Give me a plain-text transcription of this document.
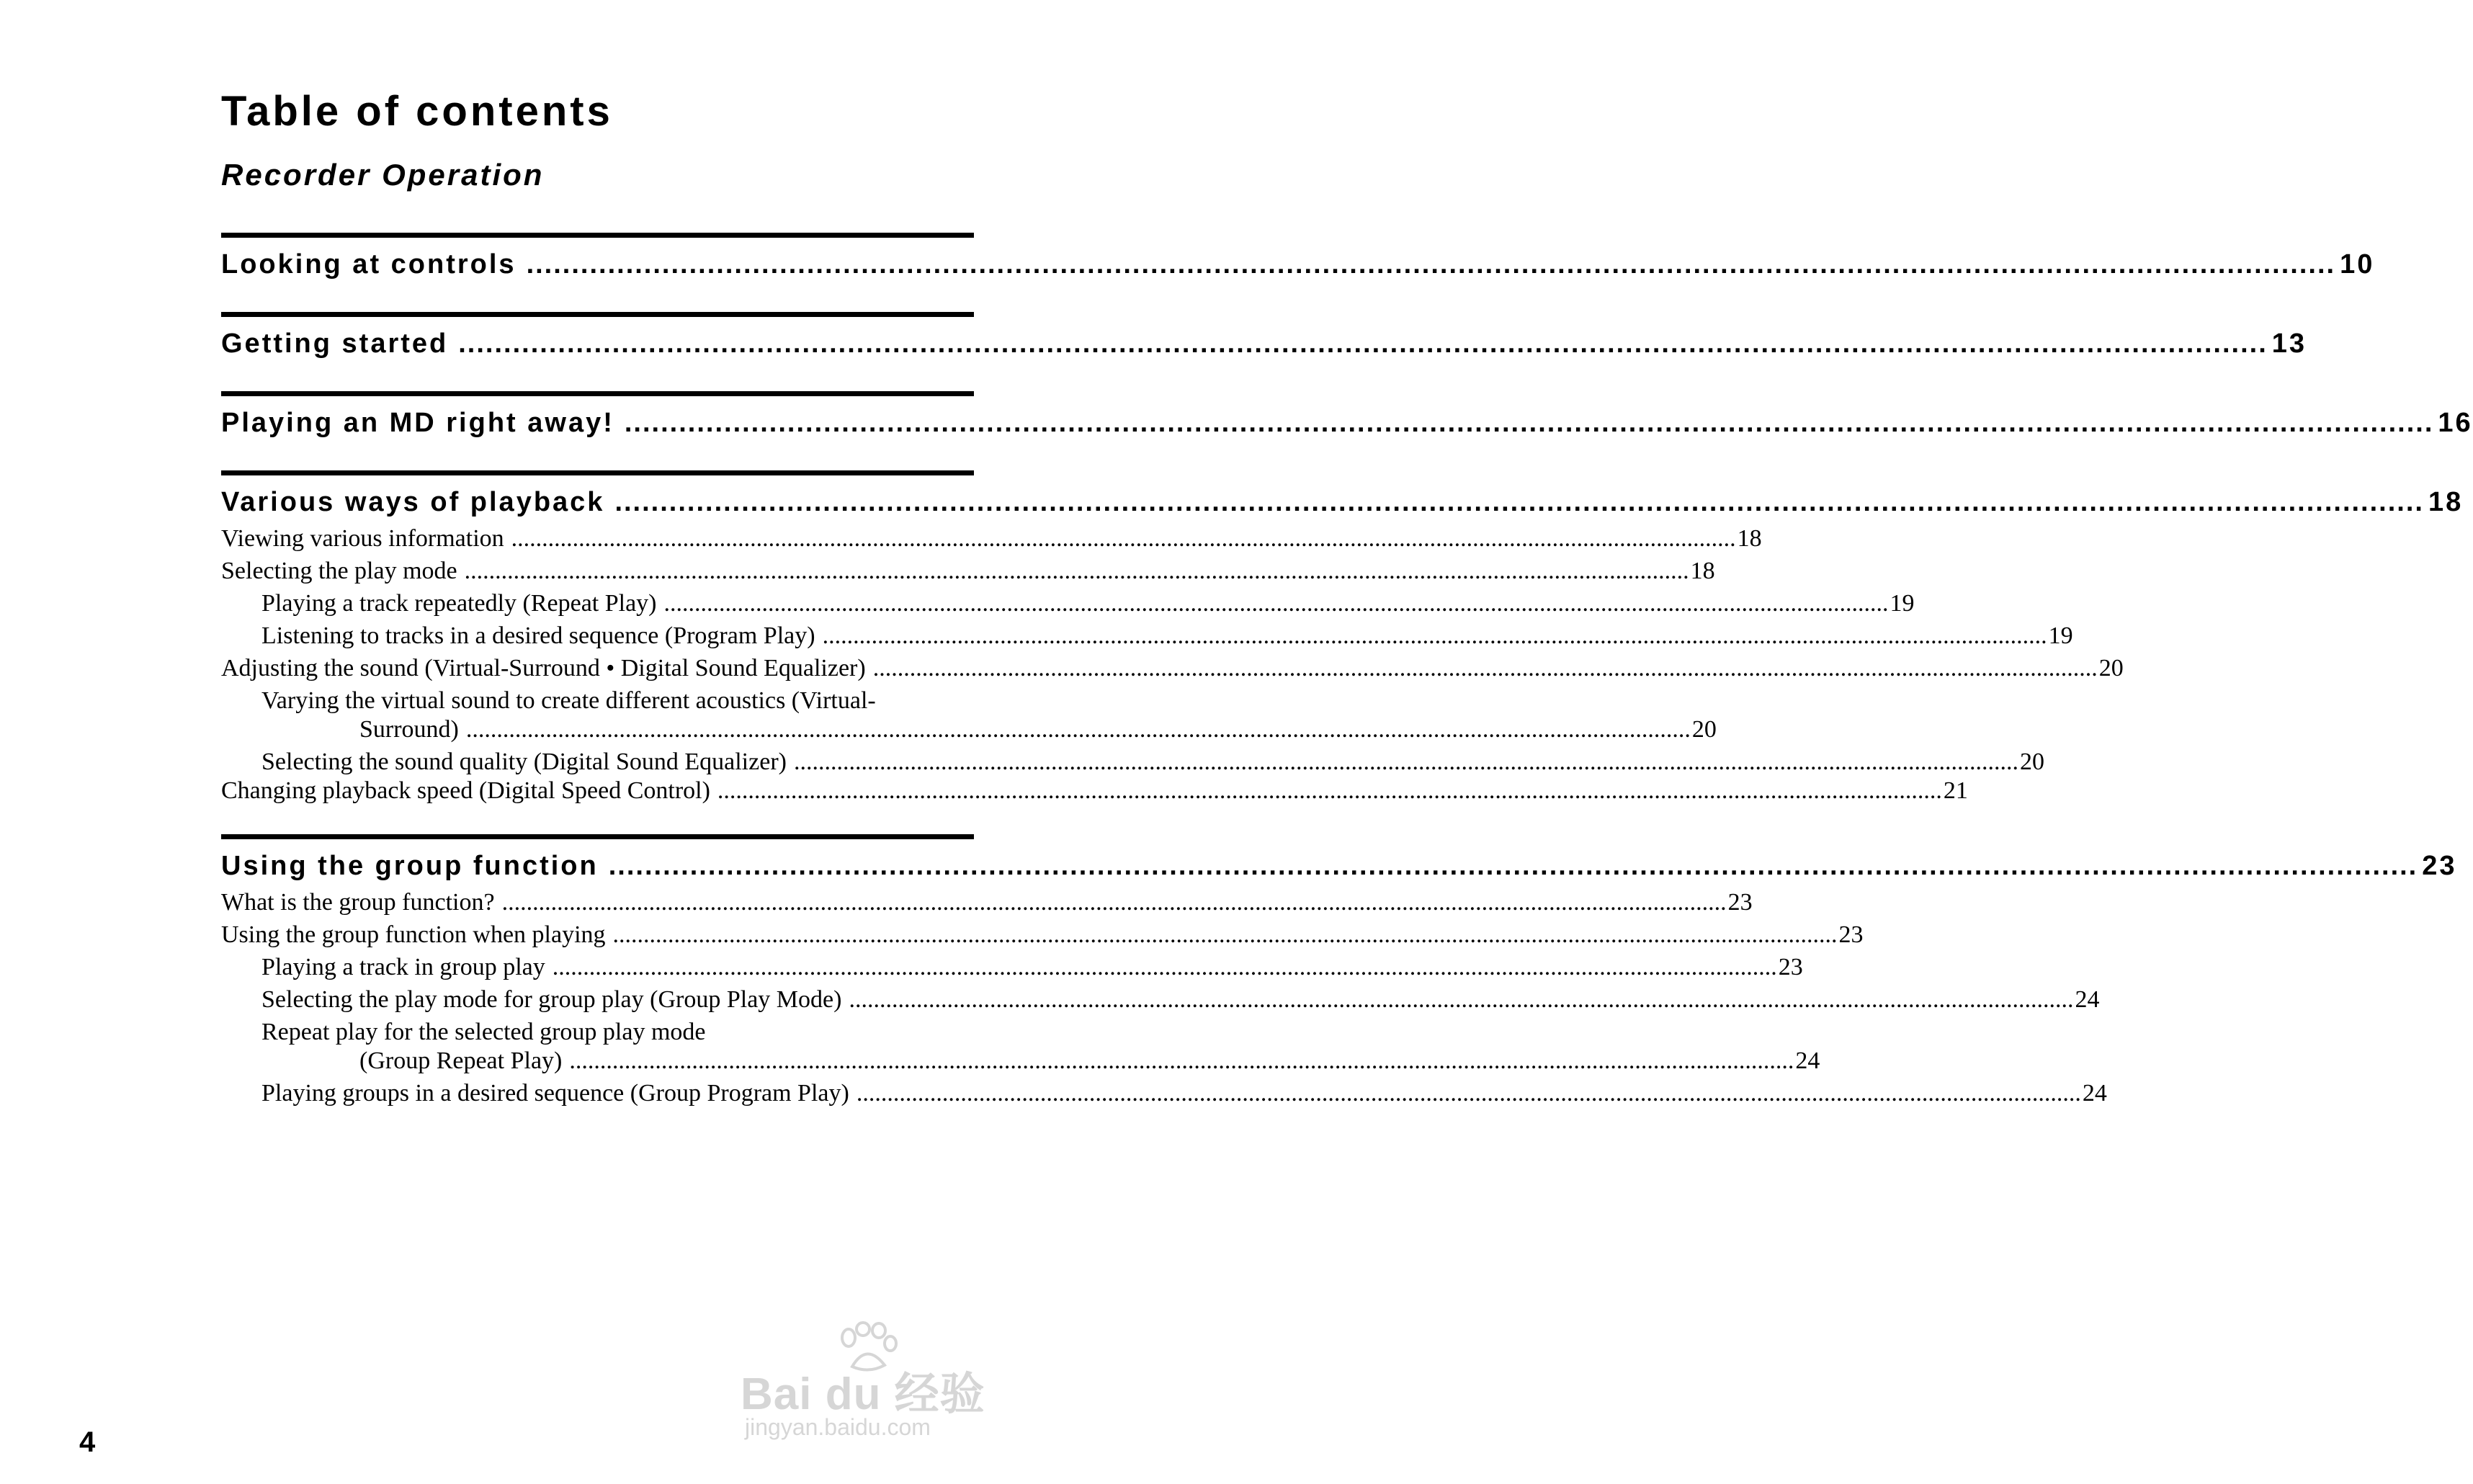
Table of contents
Recorder Operation
Looking at controls ........................................................................................................................................................................................................ 10
Getting started ........................................................................................................................................................................................................ 13
Playing an MD right away! ........................................................................................................................................................................................................ 16
Various ways of playback ........................................................................................................................................................................................................ 18
Viewing various information ........................................................................................................................................................................................................ 18
Selecting the play mode ........................................................................................................................................................................................................ 18
Playing a track repeatedly (Repeat Play) ........................................................................................................................................................................................................ 19
Listening to tracks in a desired sequence (Program Play) ........................................................................................................................................................................................................ 19
Adjusting the sound (Virtual-Surround • Digital Sound Equalizer) ........................................................................................................................................................................................................ 20
Varying the virtual sound to create different acoustics (Virtual-
Surround) ........................................................................................................................................................................................................ 20
Selecting the sound quality (Digital Sound Equalizer) ........................................................................................................................................................................................................ 20
Changing playback speed (Digital Speed Control) ........................................................................................................................................................................................................ 21
Using the group function ........................................................................................................................................................................................................ 23
What is the group function? ........................................................................................................................................................................................................ 23
Using the group function when playing ........................................................................................................................................................................................................ 23
Playing a track in group play ........................................................................................................................................................................................................ 23
Selecting the play mode for group play (Group Play Mode) ........................................................................................................................................................................................................ 24
Repeat play for the selected group play mode
(Group Repeat Play) ........................................................................................................................................................................................................ 24
Playing groups in a desired sequence (Group Program Play) ........................................................................................................................................................................................................ 24
4
Bai du 经验
jingyan.baidu.com
